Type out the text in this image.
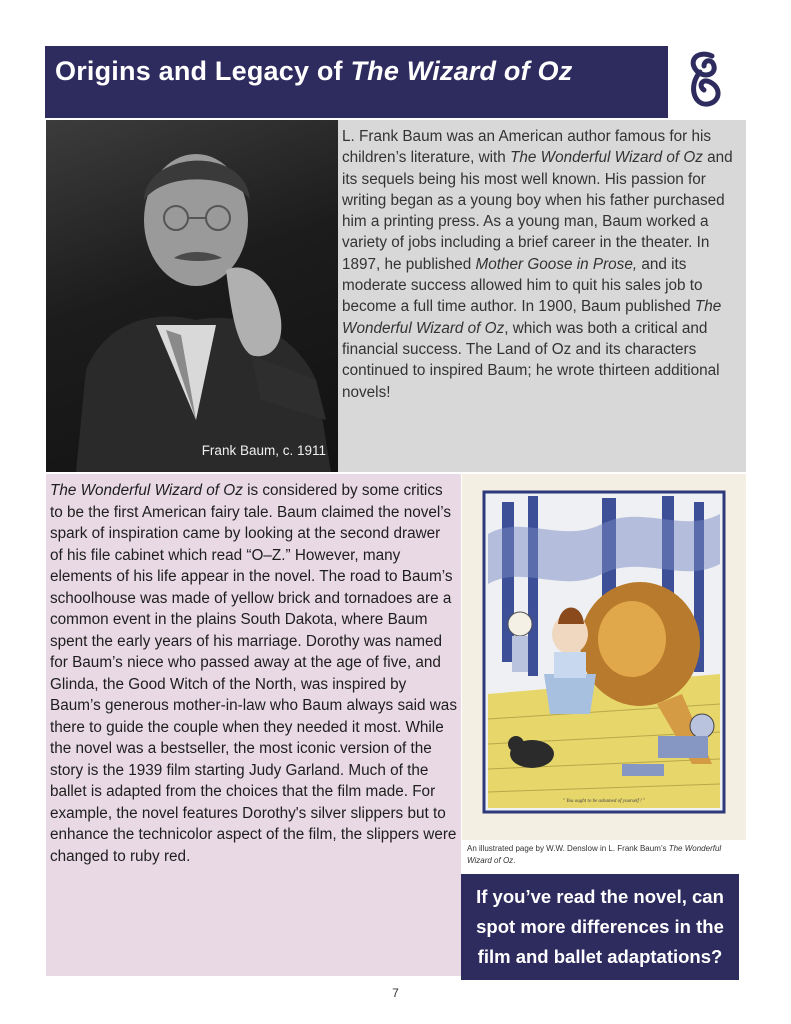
Origins and Legacy of The Wizard of Oz
Frank Baum, c. 1911
L. Frank Baum was an American author famous for his children’s literature, with The Wonderful Wizard of Oz and its sequels being his most well known. His passion for writing began as a young boy when his father purchased him a printing press. As a young man, Baum worked a variety of jobs including a brief career in the theater. In 1897, he published Mother Goose in Prose, and its moderate success allowed him to quit his sales job to become a full time author. In 1900, Baum published The Wonderful Wizard of Oz, which was both a critical and financial success. The Land of Oz and its characters continued to inspired Baum; he wrote thirteen additional novels!
The Wonderful Wizard of Oz is considered by some critics to be the first American fairy tale. Baum claimed the novel’s spark of inspiration came by looking at the second drawer of his file cabinet which read “O–Z.” However, many elements of his life appear in the novel. The road to Baum’s schoolhouse was made of yellow brick and tornadoes are a common event in the plains South Dakota, where Baum spent the early years of his marriage. Dorothy was named for Baum’s niece who passed away at the age of five, and Glinda, the Good Witch of the North, was inspired by Baum’s generous mother-in-law who Baum always said was there to guide the couple when they needed it most. While the novel was a bestseller, the most iconic version of the story is the 1939 film starting Judy Garland. Much of the ballet is adapted from the choices that the film made. For example, the novel features Dorothy's silver slippers but to enhance the technicolor aspect of the film, the slippers were changed to ruby red.
" You ought to be ashamed of yourself ! "
An illustrated page by W.W. Denslow in L. Frank Baum’s The Wonderful Wizard of Oz.
If you’ve read the novel, can spot more differences in the film and ballet adaptations?
7
